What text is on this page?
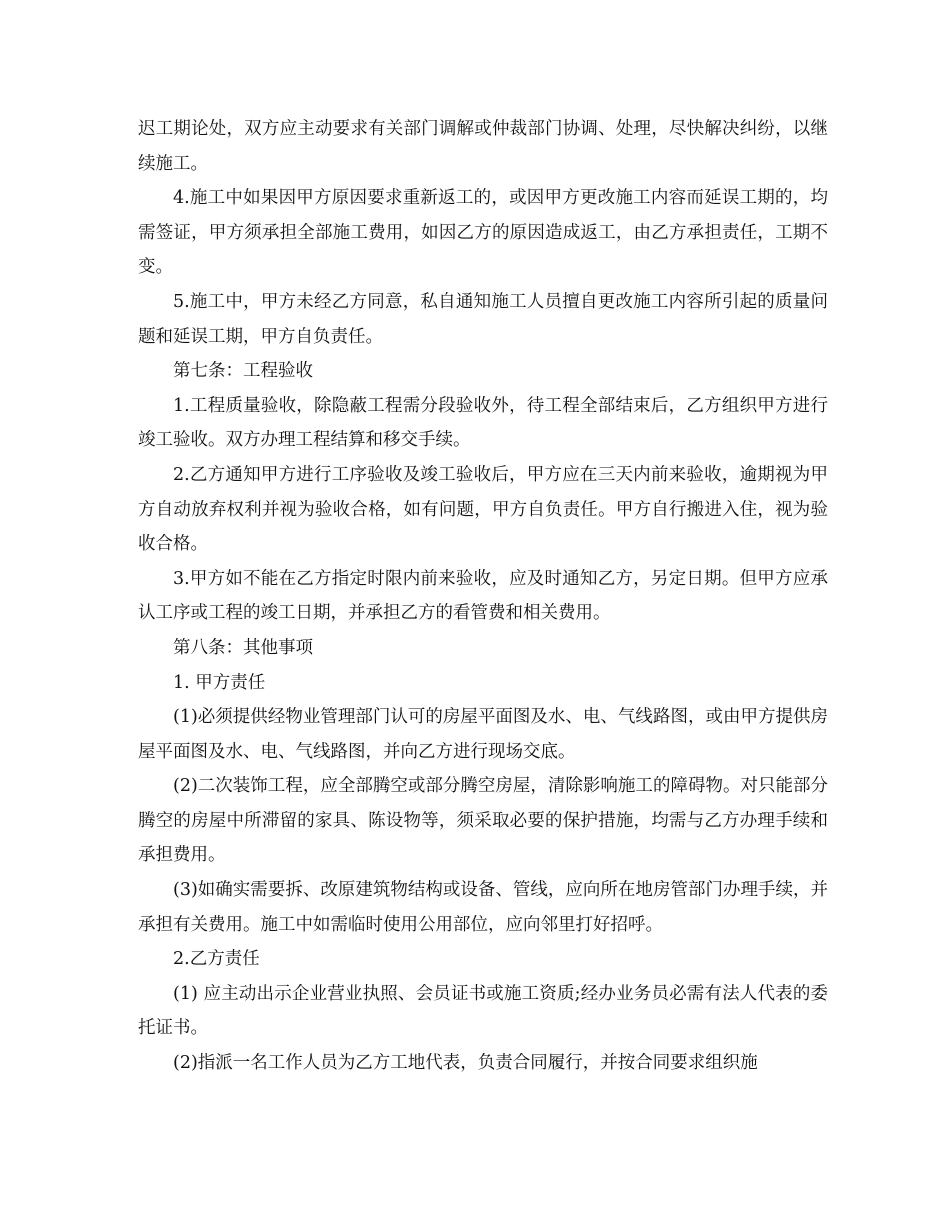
迟工期论处，双方应主动要求有关部门调解或仲裁部门协调、处理，尽快解决纠纷，以继续施工。

4.施工中如果因甲方原因要求重新返工的，或因甲方更改施工内容而延误工期的，均需签证，甲方须承担全部施工费用，如因乙方的原因造成返工，由乙方承担责任，工期不变。

5.施工中，甲方未经乙方同意，私自通知施工人员擅自更改施工内容所引起的质量问题和延误工期，甲方自负责任。

第七条：工程验收

1.工程质量验收，除隐蔽工程需分段验收外，待工程全部结束后，乙方组织甲方进行竣工验收。双方办理工程结算和移交手续。

2.乙方通知甲方进行工序验收及竣工验收后，甲方应在三天内前来验收，逾期视为甲方自动放弃权利并视为验收合格，如有问题，甲方自负责任。甲方自行搬进入住，视为验收合格。

3.甲方如不能在乙方指定时限内前来验收，应及时通知乙方，另定日期。但甲方应承认工序或工程的竣工日期，并承担乙方的看管费和相关费用。

第八条：其他事项

1. 甲方责任

(1)必须提供经物业管理部门认可的房屋平面图及水、电、气线路图，或由甲方提供房屋平面图及水、电、气线路图，并向乙方进行现场交底。

(2)二次装饰工程，应全部腾空或部分腾空房屋，清除影响施工的障碍物。对只能部分腾空的房屋中所滞留的家具、陈设物等，须采取必要的保护措施，均需与乙方办理手续和承担费用。

(3)如确实需要拆、改原建筑物结构或设备、管线，应向所在地房管部门办理手续，并承担有关费用。施工中如需临时使用公用部位，应向邻里打好招呼。

2.乙方责任

(1) 应主动出示企业营业执照、会员证书或施工资质;经办业务员必需有法人代表的委托证书。

(2)指派一名工作人员为乙方工地代表，负责合同履行，并按合同要求组织施
